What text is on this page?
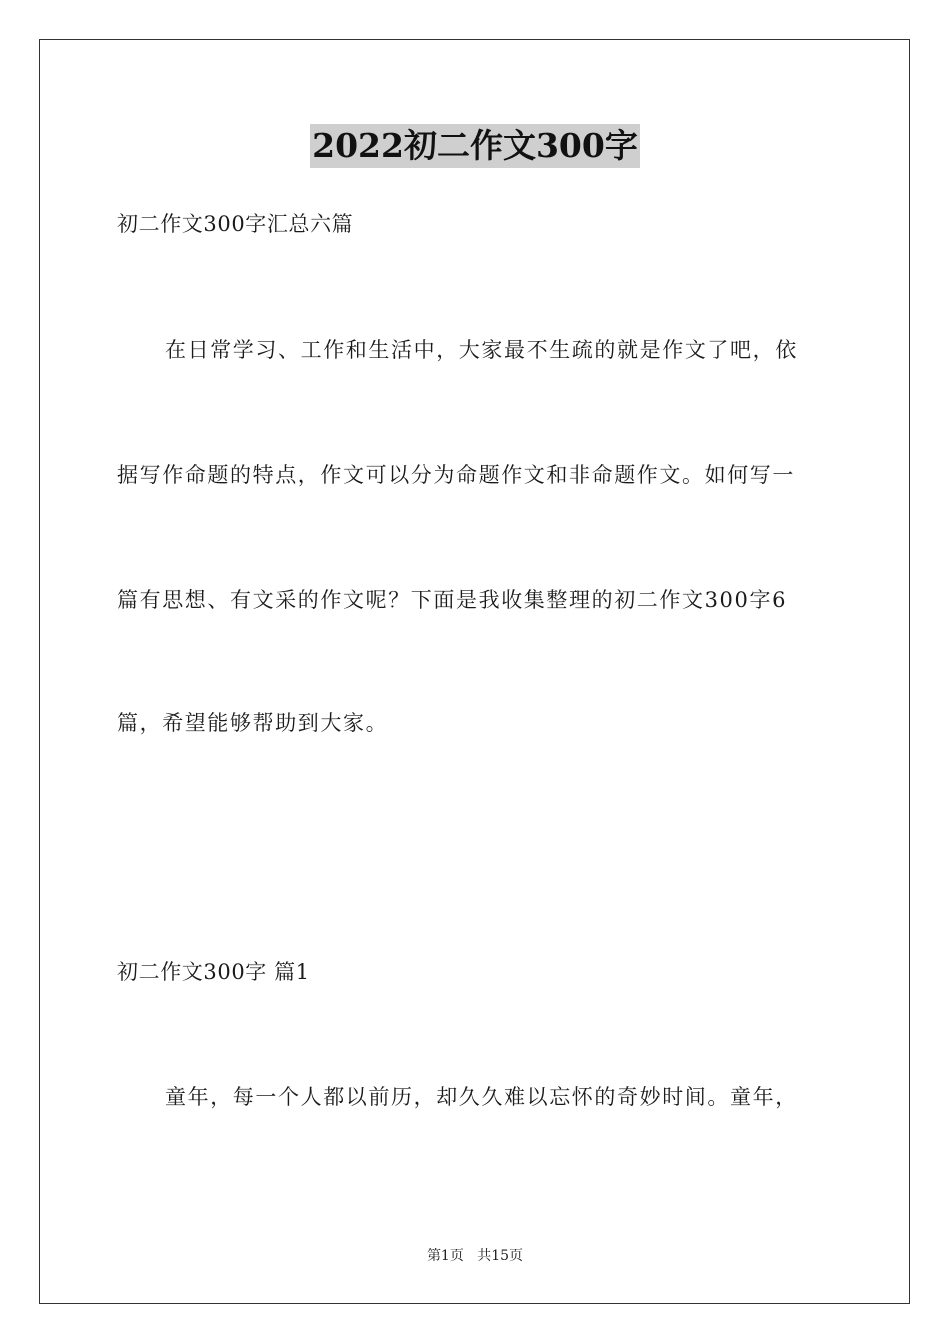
2022初二作文300字
初二作文300字汇总六篇
在日常学习、工作和生活中，大家最不生疏的就是作文了吧，依
据写作命题的特点，作文可以分为命题作文和非命题作文。如何写一
篇有思想、有文采的作文呢？下面是我收集整理的初二作文300字6
篇，希望能够帮助到大家。
初二作文300字 篇1
童年，每一个人都以前历，却久久难以忘怀的奇妙时间。童年，
第1页 共15页
